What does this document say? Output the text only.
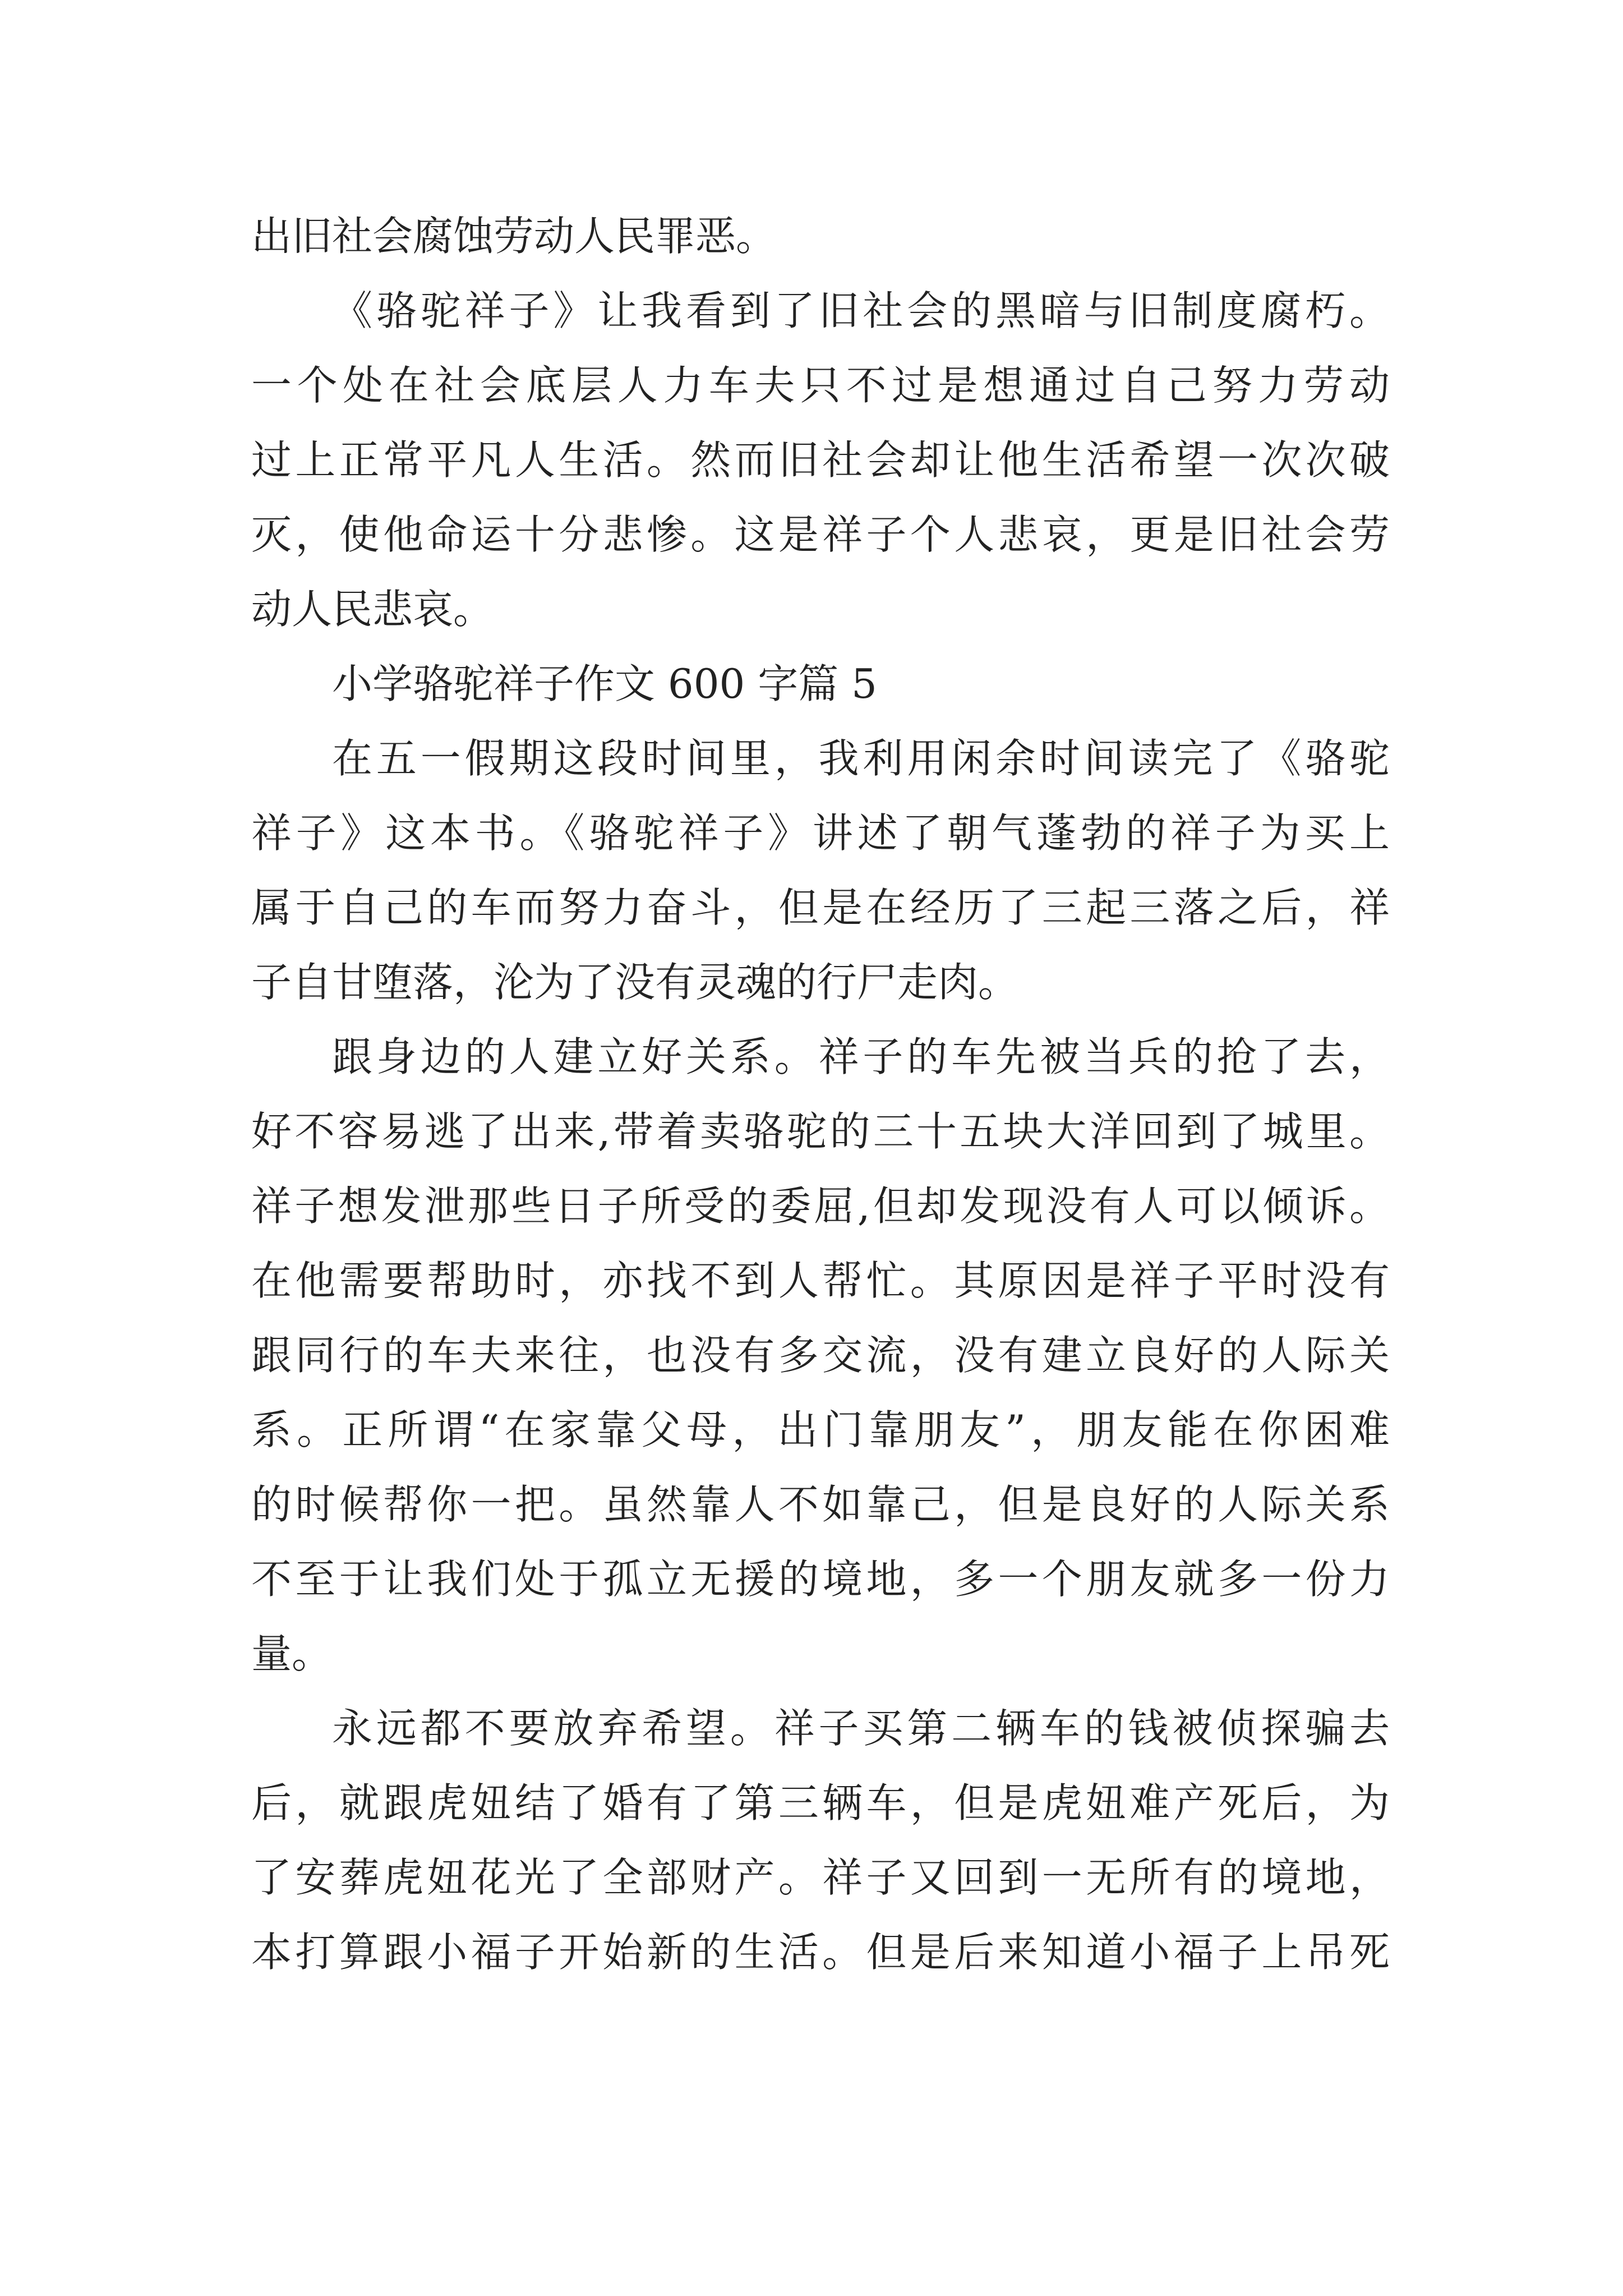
出旧社会腐蚀劳动人民罪恶。

《骆驼祥子》让我看到了旧社会的黑暗与旧制度腐朽。
一个处在社会底层人力车夫只不过是想通过自己努力劳动
过上正常平凡人生活。然而旧社会却让他生活希望一次次破
灭，使他命运十分悲惨。这是祥子个人悲哀，更是旧社会劳
动人民悲哀。

小学骆驼祥子作文 600 字篇 5

在五一假期这段时间里，我利用闲余时间读完了《骆驼
祥子》这本书。《骆驼祥子》讲述了朝气蓬勃的祥子为买上
属于自己的车而努力奋斗，但是在经历了三起三落之后，祥
子自甘堕落，沦为了没有灵魂的行尸走肉。

跟身边的人建立好关系。祥子的车先被当兵的抢了去，
好不容易逃了出来,带着卖骆驼的三十五块大洋回到了城里。
祥子想发泄那些日子所受的委屈,但却发现没有人可以倾诉。
在他需要帮助时，亦找不到人帮忙。其原因是祥子平时没有
跟同行的车夫来往，也没有多交流，没有建立良好的人际关
系。正所谓“在家靠父母，出门靠朋友”，朋友能在你困难
的时候帮你一把。虽然靠人不如靠己，但是良好的人际关系
不至于让我们处于孤立无援的境地，多一个朋友就多一份力
量。

永远都不要放弃希望。祥子买第二辆车的钱被侦探骗去
后，就跟虎妞结了婚有了第三辆车，但是虎妞难产死后，为
了安葬虎妞花光了全部财产。祥子又回到一无所有的境地，
本打算跟小福子开始新的生活。但是后来知道小福子上吊死
